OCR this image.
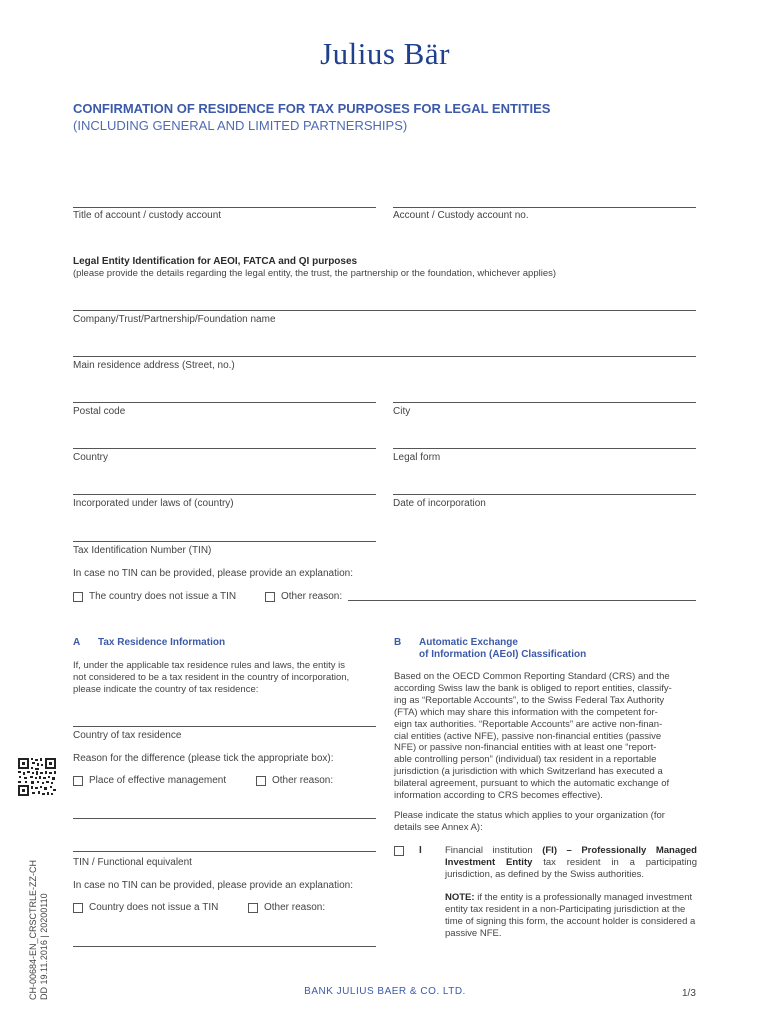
Julius Bär
CONFIRMATION OF RESIDENCE FOR TAX PURPOSES FOR LEGAL ENTITIES
(INCLUDING GENERAL AND LIMITED PARTNERSHIPS)
Title of account / custody account	Account / Custody account no.
Legal Entity Identification for AEOI, FATCA and QI purposes
(please provide the details regarding the legal entity, the trust, the partnership or the foundation, whichever applies)
Company/Trust/Partnership/Foundation name
Main residence address (Street, no.)
Postal code	City
Country	Legal form
Incorporated under laws of (country)	Date of incorporation
Tax Identification Number (TIN)
In case no TIN can be provided, please provide an explanation:
The country does not issue a TIN	Other reason:
A Tax Residence Information
If, under the applicable tax residence rules and laws, the entity is
not considered to be a tax resident in the country of incorporation,
please indicate the country of tax residence:
Country of tax residence
Reason for the difference (please tick the appropriate box):
Place of effective management	Other reason:
TIN / Functional equivalent
In case no TIN can be provided, please provide an explanation:
Country does not issue a TIN	Other reason:
B Automatic Exchange
of Information (AEoI) Classification
Based on the OECD Common Reporting Standard (CRS) and the
according Swiss law the bank is obliged to report entities, classify-
ing as “Reportable Accounts”, to the Swiss Federal Tax Authority
(FTA) which may share this information with the competent for-
eign tax authorities. “Reportable Accounts” are active non-finan-
cial entities (active NFE), passive non-financial entities (passive
NFE) or passive non-financial entities with at least one “report-
able controlling person” (individual) tax resident in a reportable
jurisdiction (a jurisdiction with which Switzerland has executed a
bilateral agreement, pursuant to which the automatic exchange of
information according to CRS becomes effective).
Please indicate the status which applies to your organization (for
details see Annex A):
I Financial institution (FI) – Professionally Managed Investment Entity tax resident in a participating jurisdiction, as defined by the Swiss authorities.
NOTE: if the entity is a professionally managed investment entity tax resident in a non-Participating jurisdiction at the time of signing this form, the account holder is considered a passive NFE.
CH-00684-EN_CRSCTRLE-ZZ-CH DD 19.11.2016 | 20200110	BANK JULIUS BAER & CO. LTD.	1/3
